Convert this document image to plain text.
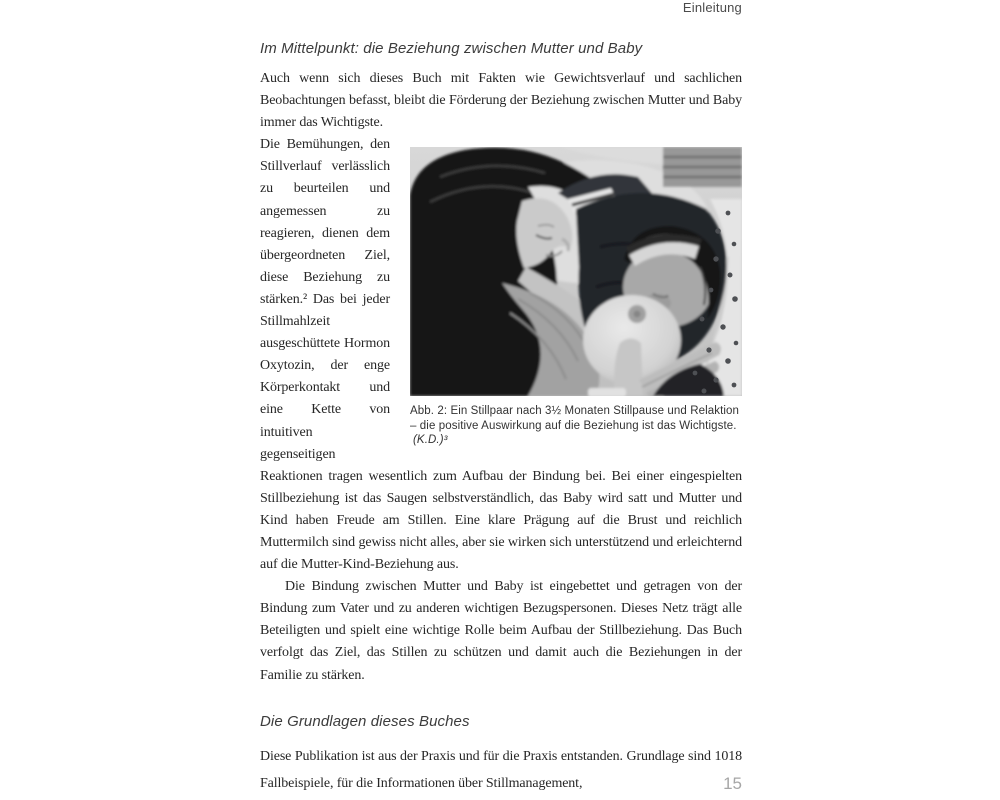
Einleitung
Im Mittelpunkt: die Beziehung zwischen Mutter und Baby

Auch wenn sich dieses Buch mit Fakten wie Gewichtsverlauf und sachlichen Beobachtungen befasst, bleibt die Förderung der Beziehung zwischen Mutter und Baby immer das Wichtigste.

Abb. 2: Ein Stillpaar nach 3½ Monaten Stillpause und Relaktion – die positive Auswirkung auf die Beziehung ist das Wichtigste.(K.D.)³

Die Bemühungen, den Stillverlauf verlässlich zu beurteilen und angemessen zu reagieren, dienen dem übergeordneten Ziel, diese Beziehung zu stärken.² Das bei jeder Stillmahlzeit ausgeschüttete Hormon Oxytozin, der enge Körperkontakt und eine Kette von intuitiven gegenseitigen Reaktionen tragen wesentlich zum Aufbau der Bindung bei. Bei einer eingespielten Stillbeziehung ist das Saugen selbstverständlich, das Baby wird satt und Mutter und Kind haben Freude am Stillen. Eine klare Prägung auf die Brust und reichlich Muttermilch sind gewiss nicht alles, aber sie wirken sich unterstützend und erleichternd auf die Mutter-Kind-Beziehung aus.

Die Bindung zwischen Mutter und Baby ist eingebettet und getragen von der Bindung zum Vater und zu anderen wichtigen Bezugspersonen. Dieses Netz trägt alle Beteiligten und spielt eine wichtige Rolle beim Aufbau der Stillbeziehung. Das Buch verfolgt das Ziel, das Stillen zu schützen und damit auch die Beziehungen in der Familie zu stärken.

Die Grundlagen dieses Buches

Diese Publikation ist aus der Praxis und für die Praxis entstanden. Grundlage sind 1018 Fallbeispiele, für die Informationen über Stillmanagement,	15
